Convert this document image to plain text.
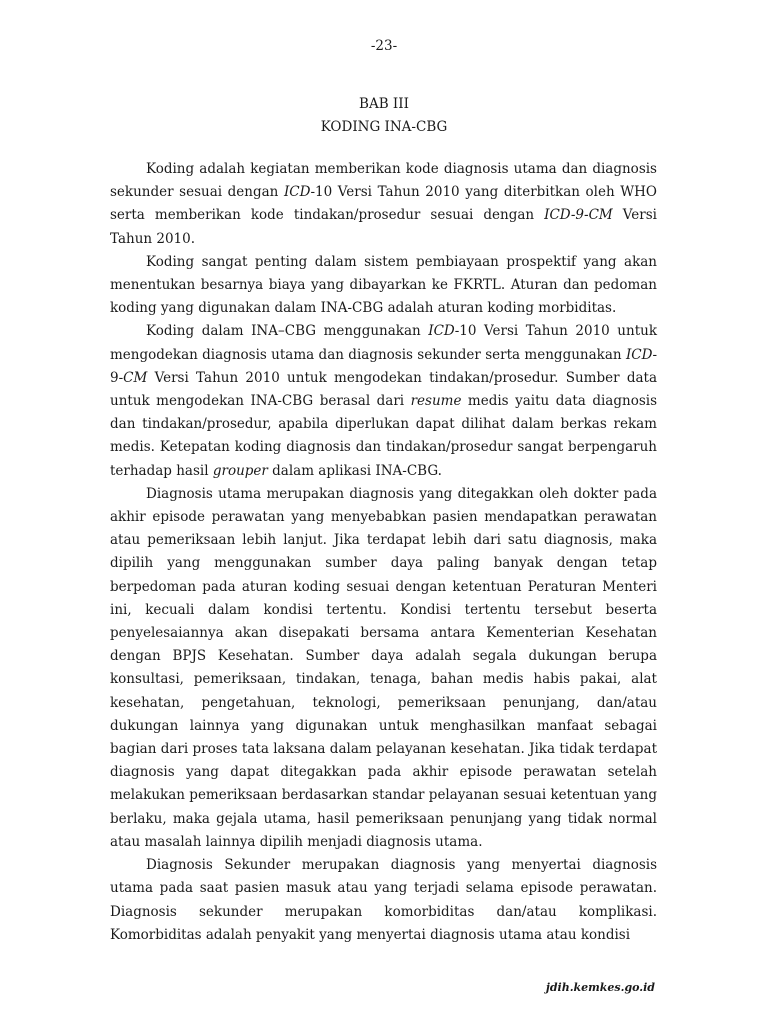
-23-
BAB III
KODING INA-CBG

Koding adalah kegiatan memberikan kode diagnosis utama dan diagnosis sekunder sesuai dengan ICD-10 Versi Tahun 2010 yang diterbitkan oleh WHO serta memberikan kode tindakan/prosedur sesuai dengan ICD-9-CM Versi Tahun 2010.

Koding sangat penting dalam sistem pembiayaan prospektif yang akan menentukan besarnya biaya yang dibayarkan ke FKRTL. Aturan dan pedoman koding yang digunakan dalam INA-CBG adalah aturan koding morbiditas.

Koding dalam INA–CBG menggunakan ICD-10 Versi Tahun 2010 untuk mengodekan diagnosis utama dan diagnosis sekunder serta menggunakan ICD-9-CM Versi Tahun 2010 untuk mengodekan tindakan/prosedur. Sumber data untuk mengodekan INA-CBG berasal dari resume medis yaitu data diagnosis dan tindakan/prosedur, apabila diperlukan dapat dilihat dalam berkas rekam medis. Ketepatan koding diagnosis dan tindakan/prosedur sangat berpengaruh terhadap hasil grouper dalam aplikasi INA-CBG.

Diagnosis utama merupakan diagnosis yang ditegakkan oleh dokter pada akhir episode perawatan yang menyebabkan pasien mendapatkan perawatan atau pemeriksaan lebih lanjut. Jika terdapat lebih dari satu diagnosis, maka dipilih yang menggunakan sumber daya paling banyak dengan tetap berpedoman pada aturan koding sesuai dengan ketentuan Peraturan Menteri ini, kecuali dalam kondisi tertentu. Kondisi tertentu tersebut beserta penyelesaiannya akan disepakati bersama antara Kementerian Kesehatan dengan BPJS Kesehatan. Sumber daya adalah segala dukungan berupa konsultasi, pemeriksaan, tindakan, tenaga, bahan medis habis pakai, alat kesehatan, pengetahuan, teknologi, pemeriksaan penunjang, dan/atau dukungan lainnya yang digunakan untuk menghasilkan manfaat sebagai bagian dari proses tata laksana dalam pelayanan kesehatan. Jika tidak terdapat diagnosis yang dapat ditegakkan pada akhir episode perawatan setelah melakukan pemeriksaan berdasarkan standar pelayanan sesuai ketentuan yang berlaku, maka gejala utama, hasil pemeriksaan penunjang yang tidak normal atau masalah lainnya dipilih menjadi diagnosis utama.

Diagnosis Sekunder merupakan diagnosis yang menyertai diagnosis utama pada saat pasien masuk atau yang terjadi selama episode perawatan. Diagnosis sekunder merupakan komorbiditas dan/atau komplikasi. Komorbiditas adalah penyakit yang menyertai diagnosis utama atau kondisi

jdih.kemkes.go.id
